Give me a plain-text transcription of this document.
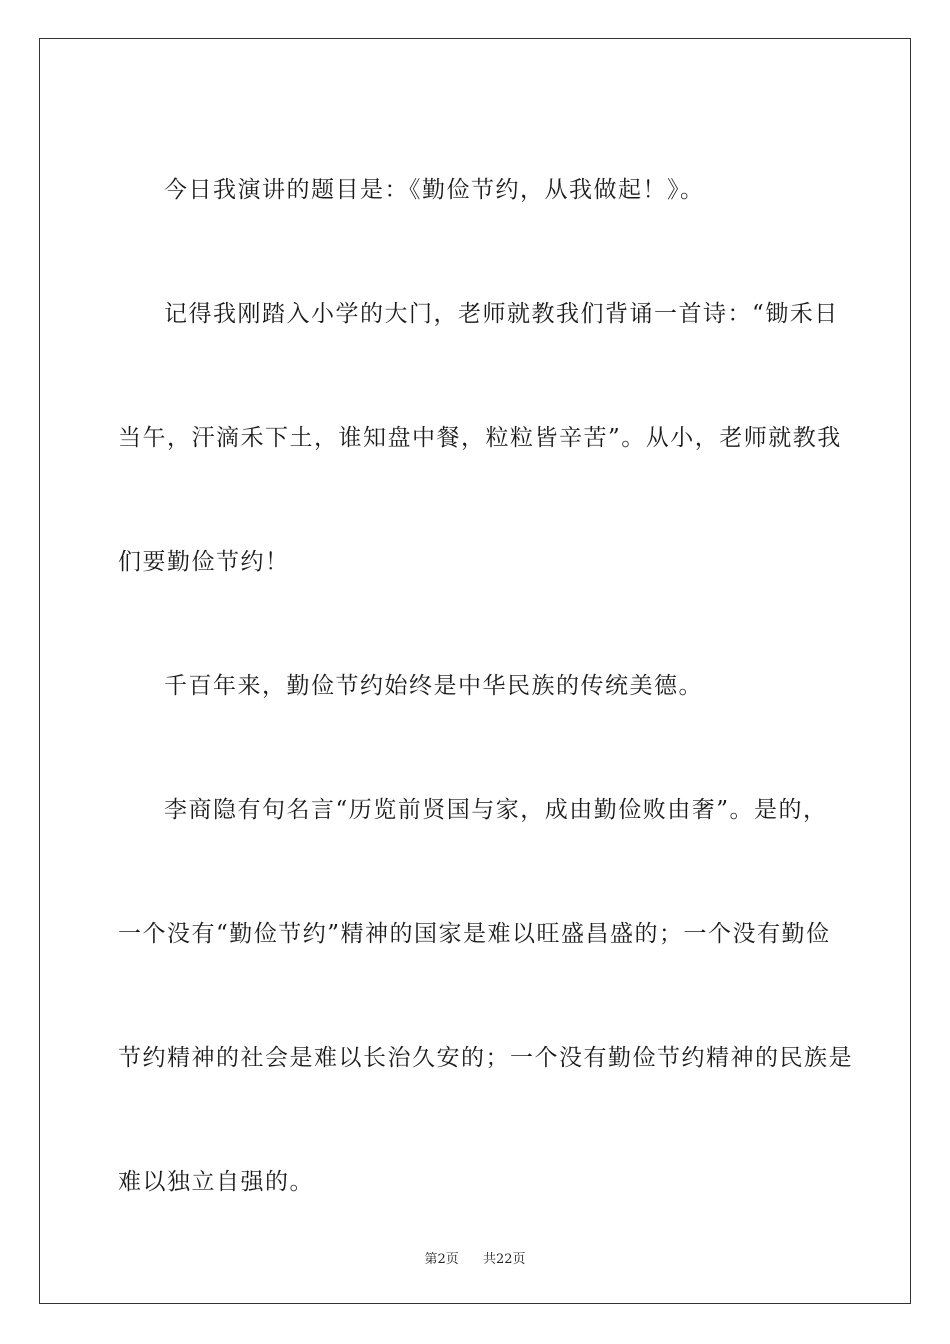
今日我演讲的题目是：《勤俭节约，从我做起！》。

记得我刚踏入小学的大门，老师就教我们背诵一首诗：“锄禾日

当午，汗滴禾下土，谁知盘中餐，粒粒皆辛苦”。从小，老师就教我

们要勤俭节约！

千百年来，勤俭节约始终是中华民族的传统美德。

李商隐有句名言“历览前贤国与家，成由勤俭败由奢”。是的，

一个没有“勤俭节约”精神的国家是难以旺盛昌盛的；一个没有勤俭

节约精神的社会是难以长治久安的；一个没有勤俭节约精神的民族是

难以独立自强的。

第2页 共22页
